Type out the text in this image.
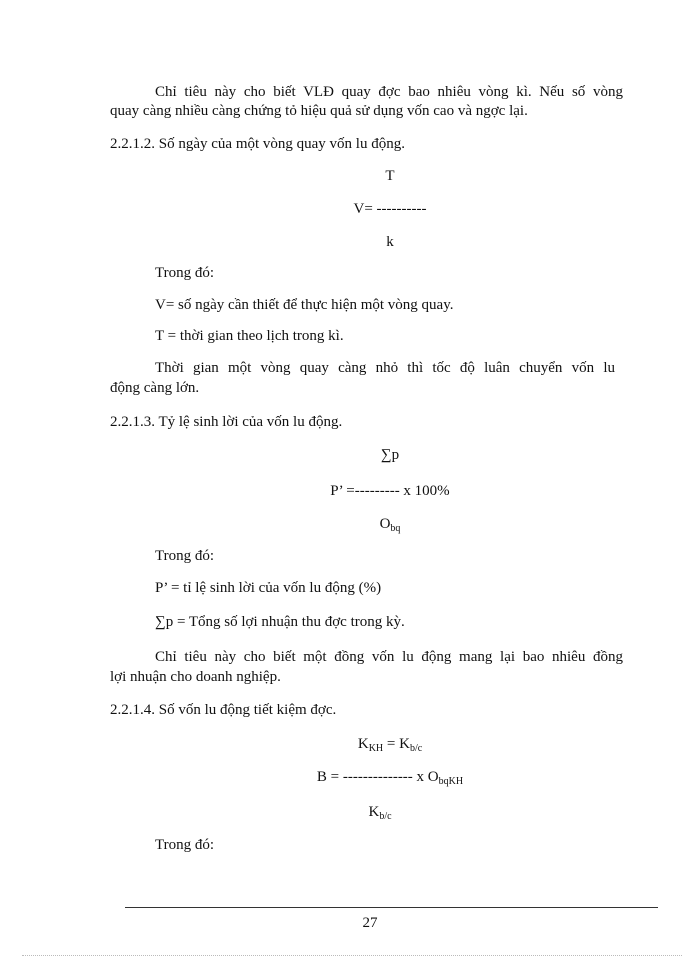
Chỉ tiêu này cho biết VLĐ quay đợc bao nhiêu vòng kì. Nếu số vòng
quay càng nhiều càng chứng tỏ hiệu quả sử dụng vốn cao và ngợc lại.
2.2.1.2. Số ngày của một vòng quay vốn lu động.
T
V= ----------
k
Trong đó:
V= số ngày cần thiết để thực hiện một vòng quay.
T = thời gian theo lịch trong kì.
Thời gian một vòng quay càng nhỏ thì tốc độ luân chuyển vốn lu
động càng lớn.
2.2.1.3. Tỷ lệ sinh lời của vốn lu động.
∑p
P’ =--------- x 100%
$O_{bq}$
Trong đó:
P’ = tỉ lệ sinh lời của vốn lu động (%)
∑p = Tổng số lợi nhuận thu đợc trong kỳ.
Chỉ tiêu này cho biết một đồng vốn lu động mang lại bao nhiêu đồng
lợi nhuận cho doanh nghiệp.
2.2.1.4. Số vốn lu động tiết kiệm đợc.
$K_{KH} = K_{b/c}$
B = -------------- x $O_{bqKH}$
$K_{b/c}$
Trong đó:
27
